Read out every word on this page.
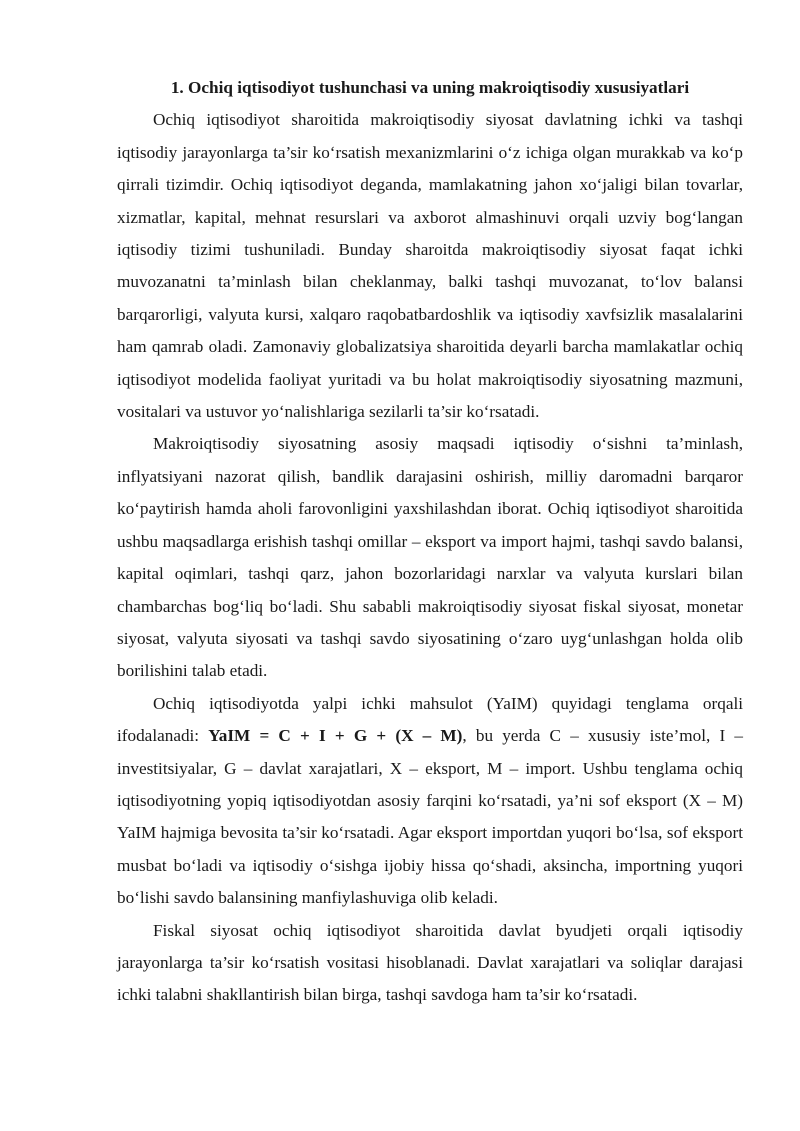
1. Ochiq iqtisodiyot tushunchasi va uning makroiqtisodiy xususiyatlari

Ochiq iqtisodiyot sharoitida makroiqtisodiy siyosat davlatning ichki va tashqi iqtisodiy jarayonlarga ta’sir ko‘rsatish mexanizmlarini o‘z ichiga olgan murakkab va ko‘p qirrali tizimdir. Ochiq iqtisodiyot deganda, mamlakatning jahon xo‘jaligi bilan tovarlar, xizmatlar, kapital, mehnat resurslari va axborot almashinuvi orqali uzviy bog‘langan iqtisodiy tizimi tushuniladi. Bunday sharoitda makroiqtisodiy siyosat faqat ichki muvozanatni ta’minlash bilan cheklanmay, balki tashqi muvozanat, to‘lov balansi barqarorligi, valyuta kursi, xalqaro raqobatbardoshlik va iqtisodiy xavfsizlik masalalarini ham qamrab oladi. Zamonaviy globalizatsiya sharoitida deyarli barcha mamlakatlar ochiq iqtisodiyot modelida faoliyat yuritadi va bu holat makroiqtisodiy siyosatning mazmuni, vositalari va ustuvor yo‘nalishlariga sezilarli ta’sir ko‘rsatadi.

Makroiqtisodiy siyosatning asosiy maqsadi iqtisodiy o‘sishni ta’minlash, inflyatsiyani nazorat qilish, bandlik darajasini oshirish, milliy daromadni barqaror ko‘paytirish hamda aholi farovonligini yaxshilashdan iborat. Ochiq iqtisodiyot sharoitida ushbu maqsadlarga erishish tashqi omillar – eksport va import hajmi, tashqi savdo balansi, kapital oqimlari, tashqi qarz, jahon bozorlaridagi narxlar va valyuta kurslari bilan chambarchas bog‘liq bo‘ladi. Shu sababli makroiqtisodiy siyosat fiskal siyosat, monetar siyosat, valyuta siyosati va tashqi savdo siyosatining o‘zaro uyg‘unlashgan holda olib borilishini talab etadi.

Ochiq iqtisodiyotda yalpi ichki mahsulot (YaIM) quyidagi tenglama orqali ifodalanadi: YaIM = C + I + G + (X – M), bu yerda C – xususiy iste’mol, I – investitsiyalar, G – davlat xarajatlari, X – eksport, M – import. Ushbu tenglama ochiq iqtisodiyotning yopiq iqtisodiyotdan asosiy farqini ko‘rsatadi, ya’ni sof eksport (X – M) YaIM hajmiga bevosita ta’sir ko‘rsatadi. Agar eksport importdan yuqori bo‘lsa, sof eksport musbat bo‘ladi va iqtisodiy o‘sishga ijobiy hissa qo‘shadi, aksincha, importning yuqori bo‘lishi savdo balansining manfiylashuviga olib keladi.

Fiskal siyosat ochiq iqtisodiyot sharoitida davlat byudjeti orqali iqtisodiy jarayonlarga ta’sir ko‘rsatish vositasi hisoblanadi. Davlat xarajatlari va soliqlar darajasi ichki talabni shakllantirish bilan birga, tashqi savdoga ham ta’sir ko‘rsatadi.
